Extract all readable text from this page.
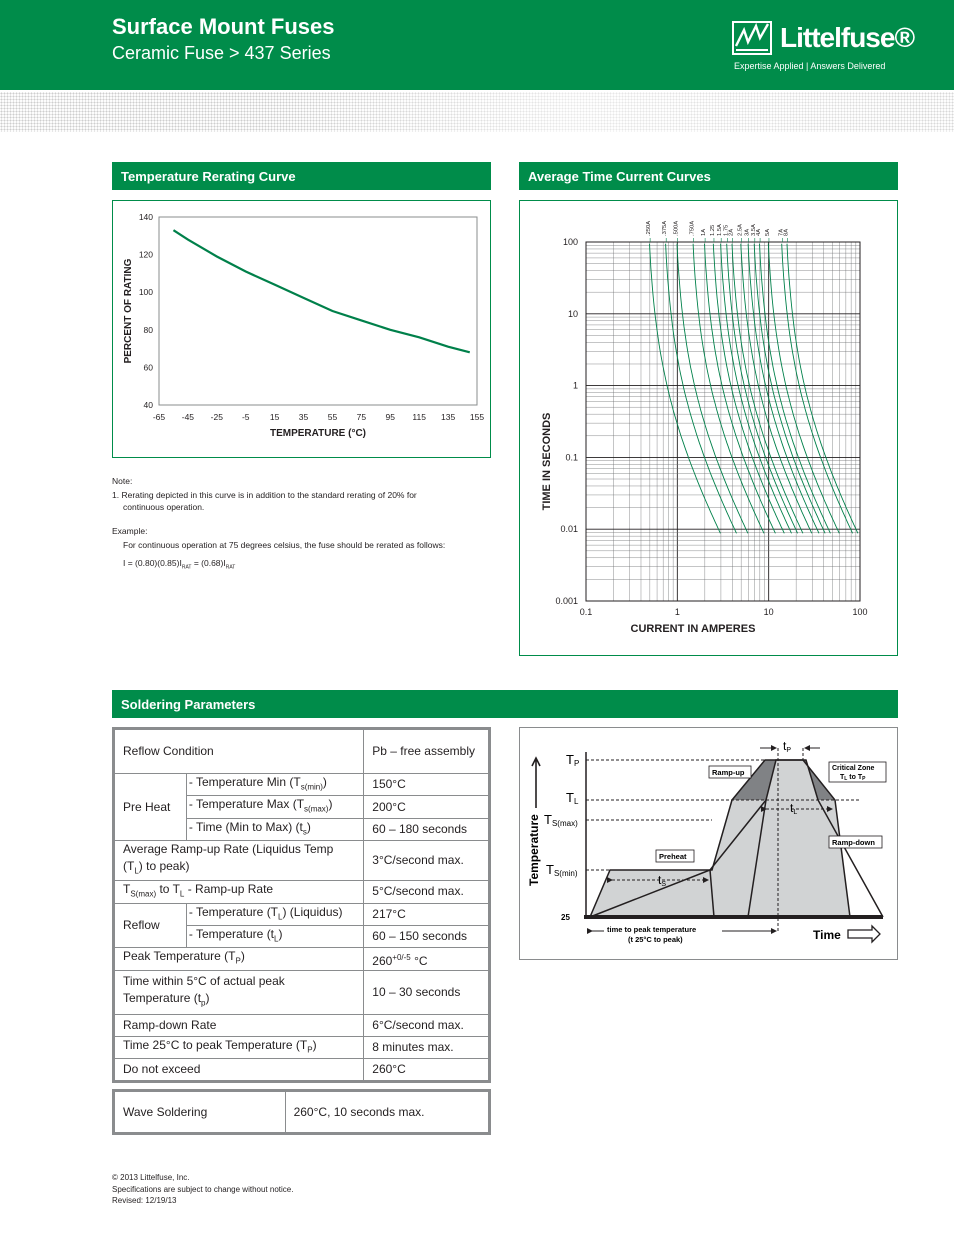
Surface Mount Fuses
Ceramic Fuse > 437 Series	Littelfuse®
Expertise Applied | Answers Delivered
Temperature Rerating Curve
-65 -45 -25 -5 15 35 55 75 95 115 135 155
40
60
80
100
120
140
TEMPERATURE (°C)
PERCENT OF RATING
Note:
1. Rerating depicted in this curve is in addition to the standard rerating of 20% for
continuous operation.
Example:
For continuous operation at 75 degrees celsius, the fuse should be rerated as follows:
$I = (0.80)(0.85)I_{RAT} = (0.68)I_{RAT}$
Average Time Current Curves
0.1	1	10	100
0.001
0.01
0.1
1
10
100
CURRENT IN AMPERES
TIME IN SECONDS
.250A .375A .500A .750A 1A 1.25 1.5A 1.75 2A 2.5A 3A 3.5A 4A 5A 7A 8A
Soldering Parameters
Reflow Condition		Pb – free assembly
Pre Heat	- Temperature Min $(T_{s(min)})$	150°C
	- Temperature Max $(T_{s(max)})$	200°C
	- Time (Min to Max) $(t_s)$	60 – 180 seconds
Average Ramp-up Rate (Liquidus Temp
$(T_L)$ to peak)		3°C/second max.
$T_{S(max)}$ to $T_L$ - Ramp-up Rate		5°C/second max.
Reflow	- Temperature $(T_L)$ (Liquidus)	217°C
	- Temperature $(t_L)$	60 – 150 seconds
Peak Temperature $(T_P)$		$260^{+0/-5}$ °C
Time within 5°C of actual peak
Temperature $(t_p)$		10 – 30 seconds
Ramp-down Rate		6°C/second max.
Time 25°C to peak Temperature $(T_P)$		8 minutes max.
Do not exceed		260°C
Wave Soldering	260°C, 10 seconds max.
TP
TL
TS(max)
TS(min)
25
tP
tL
tS
Temperature
Time
Ramp-up
Ramp-down
Preheat
Critical Zone
TL to TP
time to peak temperature
(t 25°C to peak)
© 2013 Littelfuse, Inc.
Specifications are subject to change without notice.
Revised: 12/19/13
